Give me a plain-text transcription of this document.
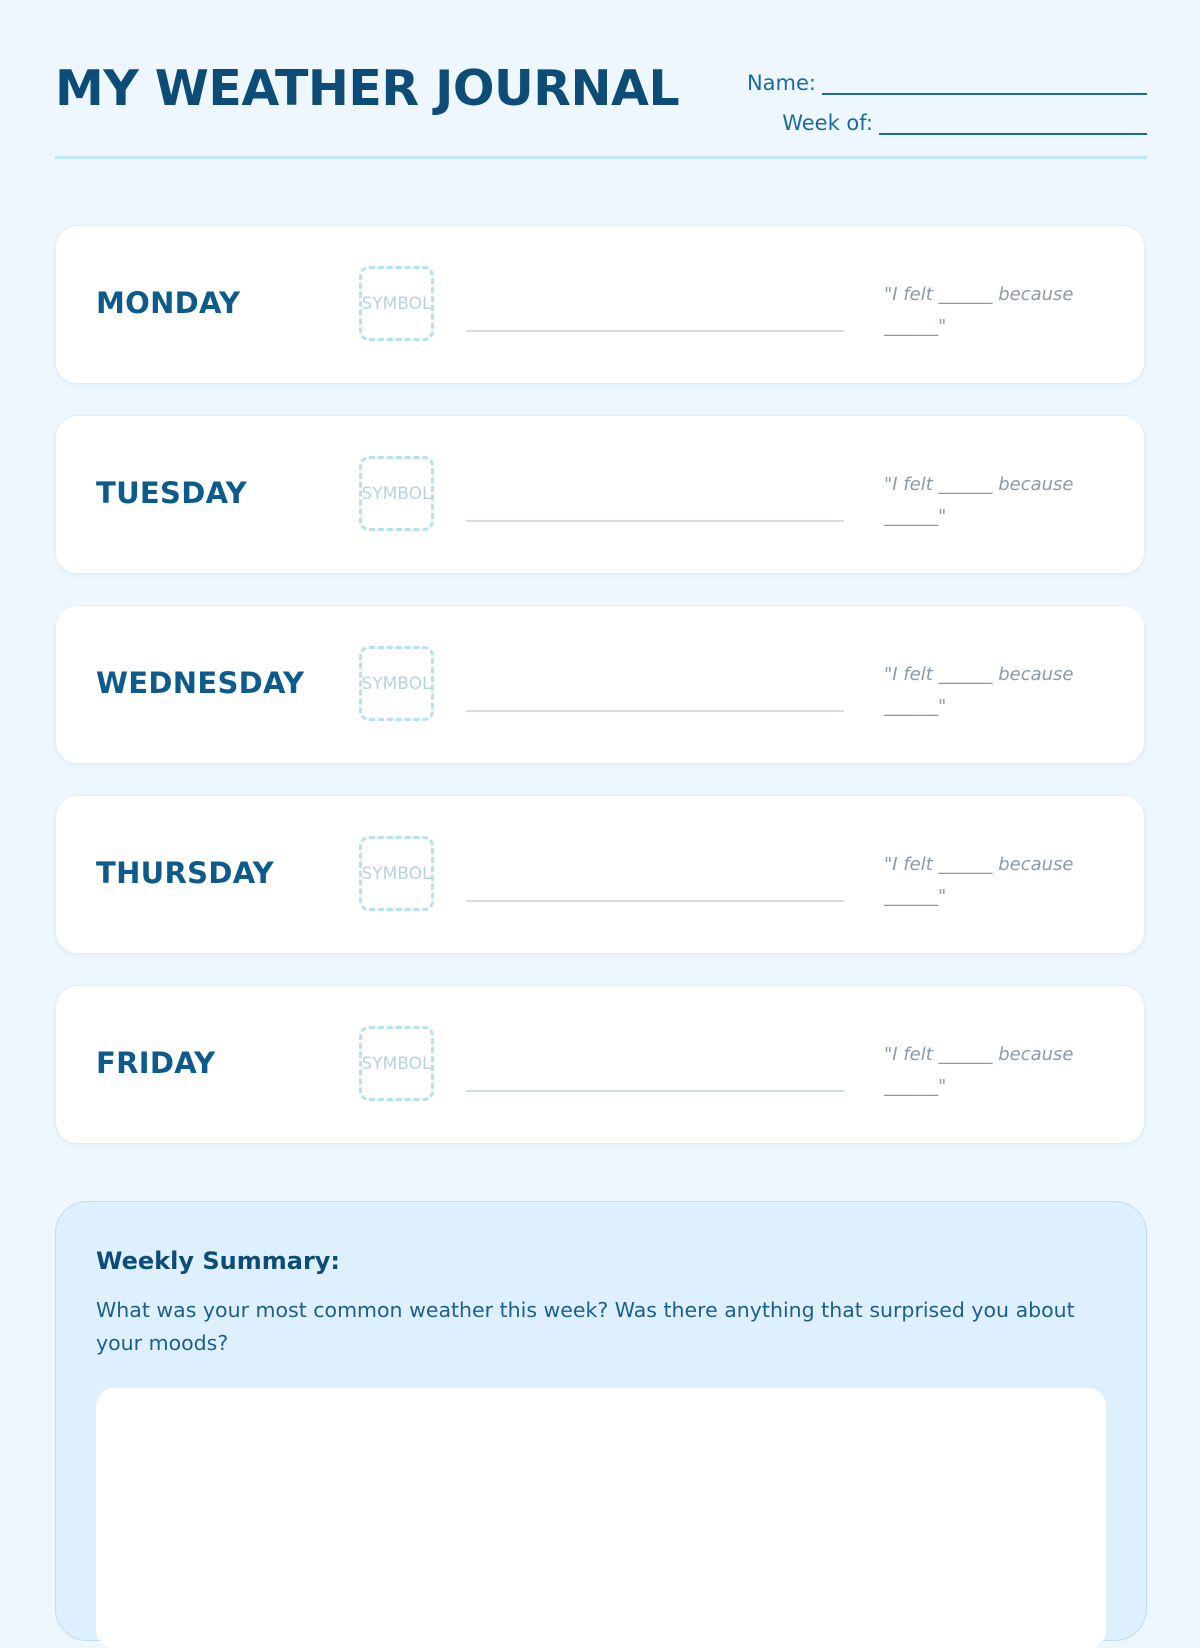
MY WEATHER JOURNAL	Name:
Week of:
MONDAY	SYMBOL	"I felt ______ because ______"
TUESDAY	SYMBOL	"I felt ______ because ______"
WEDNESDAY	SYMBOL	"I felt ______ because ______"
THURSDAY	SYMBOL	"I felt ______ because ______"
FRIDAY	SYMBOL	"I felt ______ because ______"
Weekly Summary:
What was your most common weather this week? Was there anything that surprised you about your moods?
